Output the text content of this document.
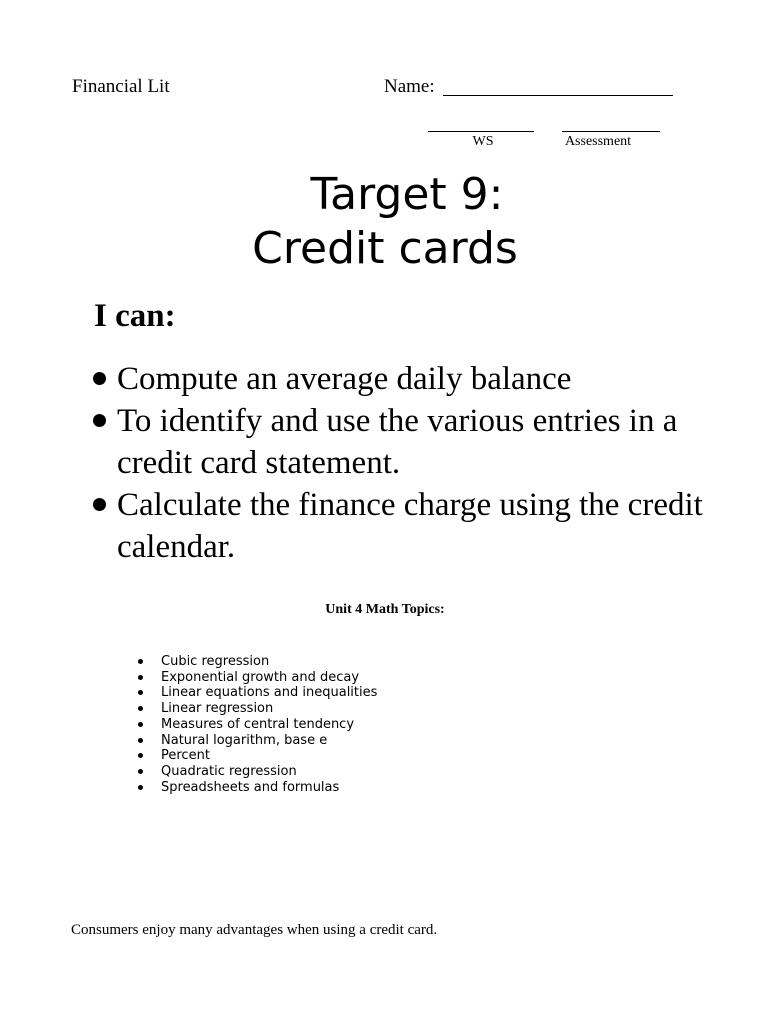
Financial Lit	Name:
WS	Assessment
Target 9:
Credit cards
I can:
Compute an average daily balance
To identify and use the various entries in a credit card statement.
Calculate the finance charge using the credit calendar.
Unit 4 Math Topics:
Cubic regression
Exponential growth and decay
Linear equations and inequalities
Linear regression
Measures of central tendency
Natural logarithm, base e
Percent
Quadratic regression
Spreadsheets and formulas
Consumers enjoy many advantages when using a credit card.
